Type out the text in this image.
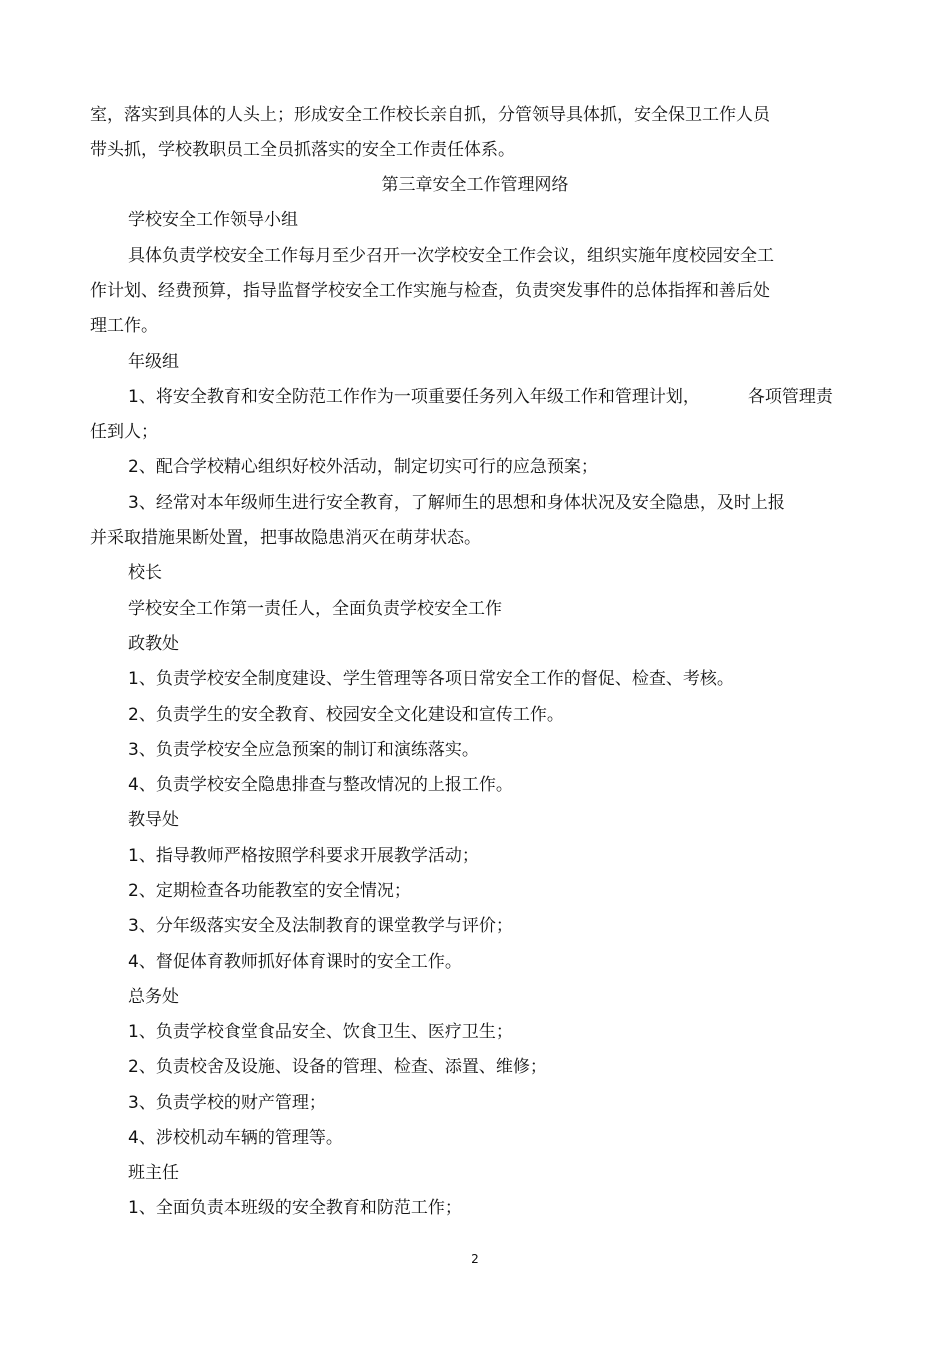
室，落实到具体的人头上；形成安全工作校长亲自抓，分管领导具体抓，安全保卫工作人员

带头抓，学校教职员工全员抓落实的安全工作责任体系。

第三章安全工作管理网络

学校安全工作领导小组

具体负责学校安全工作每月至少召开一次学校安全工作会议，组织实施年度校园安全工

作计划、经费预算，指导监督学校安全工作实施与检查，负责突发事件的总体指挥和善后处

理工作。

年级组

1、将安全教育和安全防范工作作为一项重要任务列入年级工作和管理计划，	各项管理责

任到人；

2、配合学校精心组织好校外活动，制定切实可行的应急预案；

3、经常对本年级师生进行安全教育，了解师生的思想和身体状况及安全隐患，及时上报

并采取措施果断处置，把事故隐患消灭在萌芽状态。

校长

学校安全工作第一责任人，全面负责学校安全工作

政教处

1、负责学校安全制度建设、学生管理等各项日常安全工作的督促、检查、考核。

2、负责学生的安全教育、校园安全文化建设和宣传工作。

3、负责学校安全应急预案的制订和演练落实。

4、负责学校安全隐患排查与整改情况的上报工作。

教导处

1、指导教师严格按照学科要求开展教学活动；

2、定期检查各功能教室的安全情况；

3、分年级落实安全及法制教育的课堂教学与评价；

4、督促体育教师抓好体育课时的安全工作。

总务处

1、负责学校食堂食品安全、饮食卫生、医疗卫生；

2、负责校舍及设施、设备的管理、检查、添置、维修；

3、负责学校的财产管理；

4、涉校机动车辆的管理等。

班主任

1、全面负责本班级的安全教育和防范工作；

2
